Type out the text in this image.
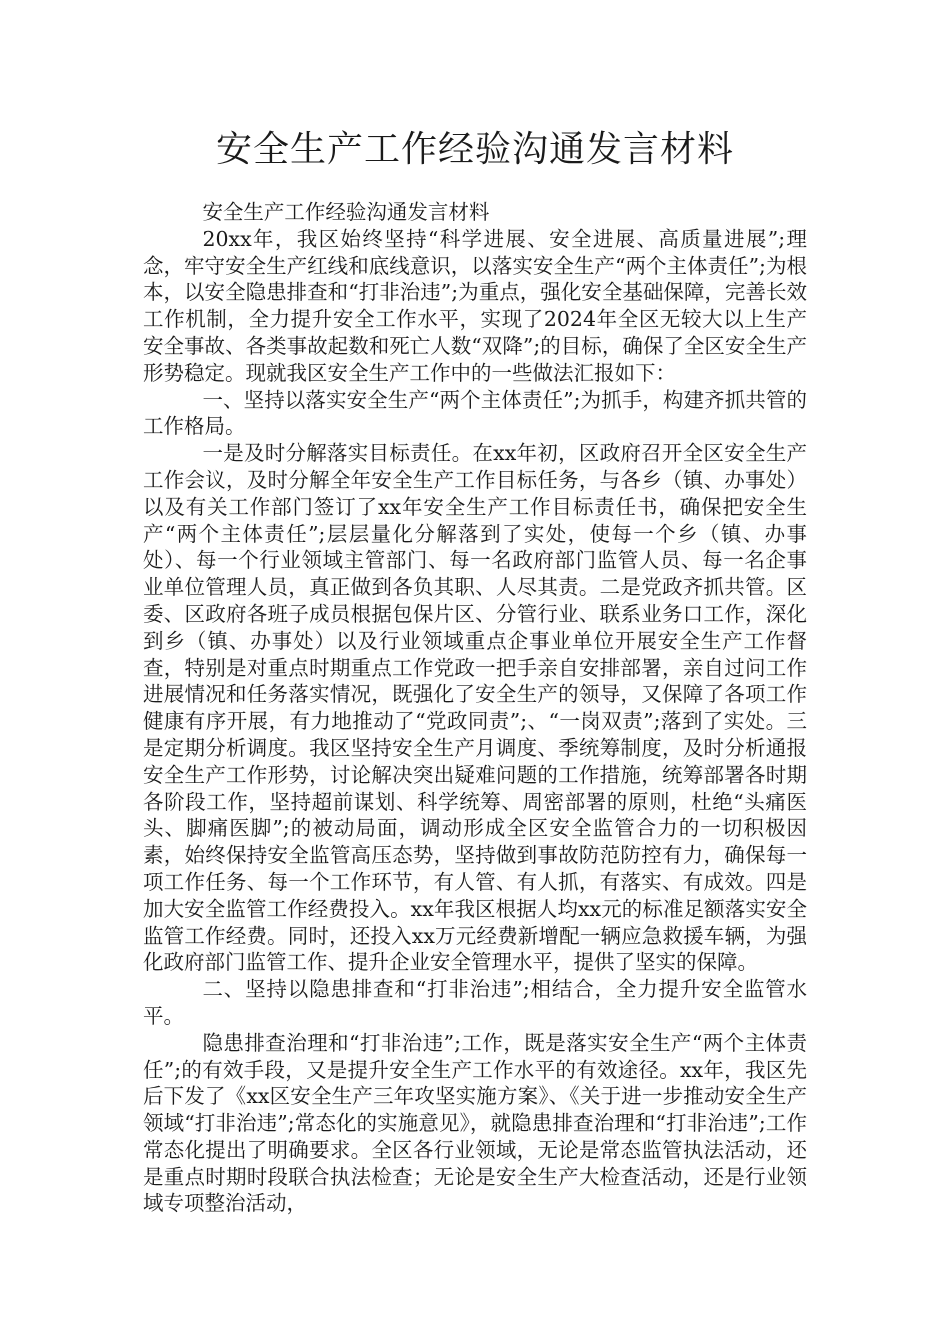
安全生产工作经验沟通发言材料

安全生产工作经验沟通发言材料

20xx年，我区始终坚持“科学进展、安全进展、高质量进展”;理念，牢守安全生产红线和底线意识，以落实安全生产“两个主体责任”;为根本，以安全隐患排查和“打非治违”;为重点，强化安全基础保障，完善长效工作机制，全力提升安全工作水平，实现了2024年全区无较大以上生产安全事故、各类事故起数和死亡人数“双降”;的目标，确保了全区安全生产形势稳定。现就我区安全生产工作中的一些做法汇报如下：

一、坚持以落实安全生产“两个主体责任”;为抓手，构建齐抓共管的工作格局。

一是及时分解落实目标责任。在xx年初，区政府召开全区安全生产工作会议，及时分解全年安全生产工作目标任务，与各乡（镇、办事处）以及有关工作部门签订了xx年安全生产工作目标责任书，确保把安全生产“两个主体责任”;层层量化分解落到了实处，使每一个乡（镇、办事处）、每一个行业领域主管部门、每一名政府部门监管人员、每一名企事业单位管理人员，真正做到各负其职、人尽其责。二是党政齐抓共管。区委、区政府各班子成员根据包保片区、分管行业、联系业务口工作，深化到乡（镇、办事处）以及行业领域重点企事业单位开展安全生产工作督查，特别是对重点时期重点工作党政一把手亲自安排部署，亲自过问工作进展情况和任务落实情况，既强化了安全生产的领导，又保障了各项工作健康有序开展，有力地推动了“党政同责”;、“一岗双责”;落到了实处。三是定期分析调度。我区坚持安全生产月调度、季统筹制度，及时分析通报安全生产工作形势，讨论解决突出疑难问题的工作措施，统筹部署各时期各阶段工作，坚持超前谋划、科学统筹、周密部署的原则，杜绝“头痛医头、脚痛医脚”;的被动局面，调动形成全区安全监管合力的一切积极因素，始终保持安全监管高压态势，坚持做到事故防范防控有力，确保每一项工作任务、每一个工作环节，有人管、有人抓，有落实、有成效。四是加大安全监管工作经费投入。xx年我区根据人均xx元的标准足额落实安全监管工作经费。同时，还投入xx万元经费新增配一辆应急救援车辆，为强化政府部门监管工作、提升企业安全管理水平，提供了坚实的保障。

二、坚持以隐患排查和“打非治违”;相结合，全力提升安全监管水平。

隐患排查治理和“打非治违”;工作，既是落实安全生产“两个主体责任”;的有效手段，又是提升安全生产工作水平的有效途径。xx年，我区先后下发了《xx区安全生产三年攻坚实施方案》、《关于进一步推动安全生产领域“打非治违”;常态化的实施意见》，就隐患排查治理和“打非治违”;工作常态化提出了明确要求。全区各行业领域，无论是常态监管执法活动，还是重点时期时段联合执法检查；无论是安全生产大检查活动，还是行业领域专项整治活动，
